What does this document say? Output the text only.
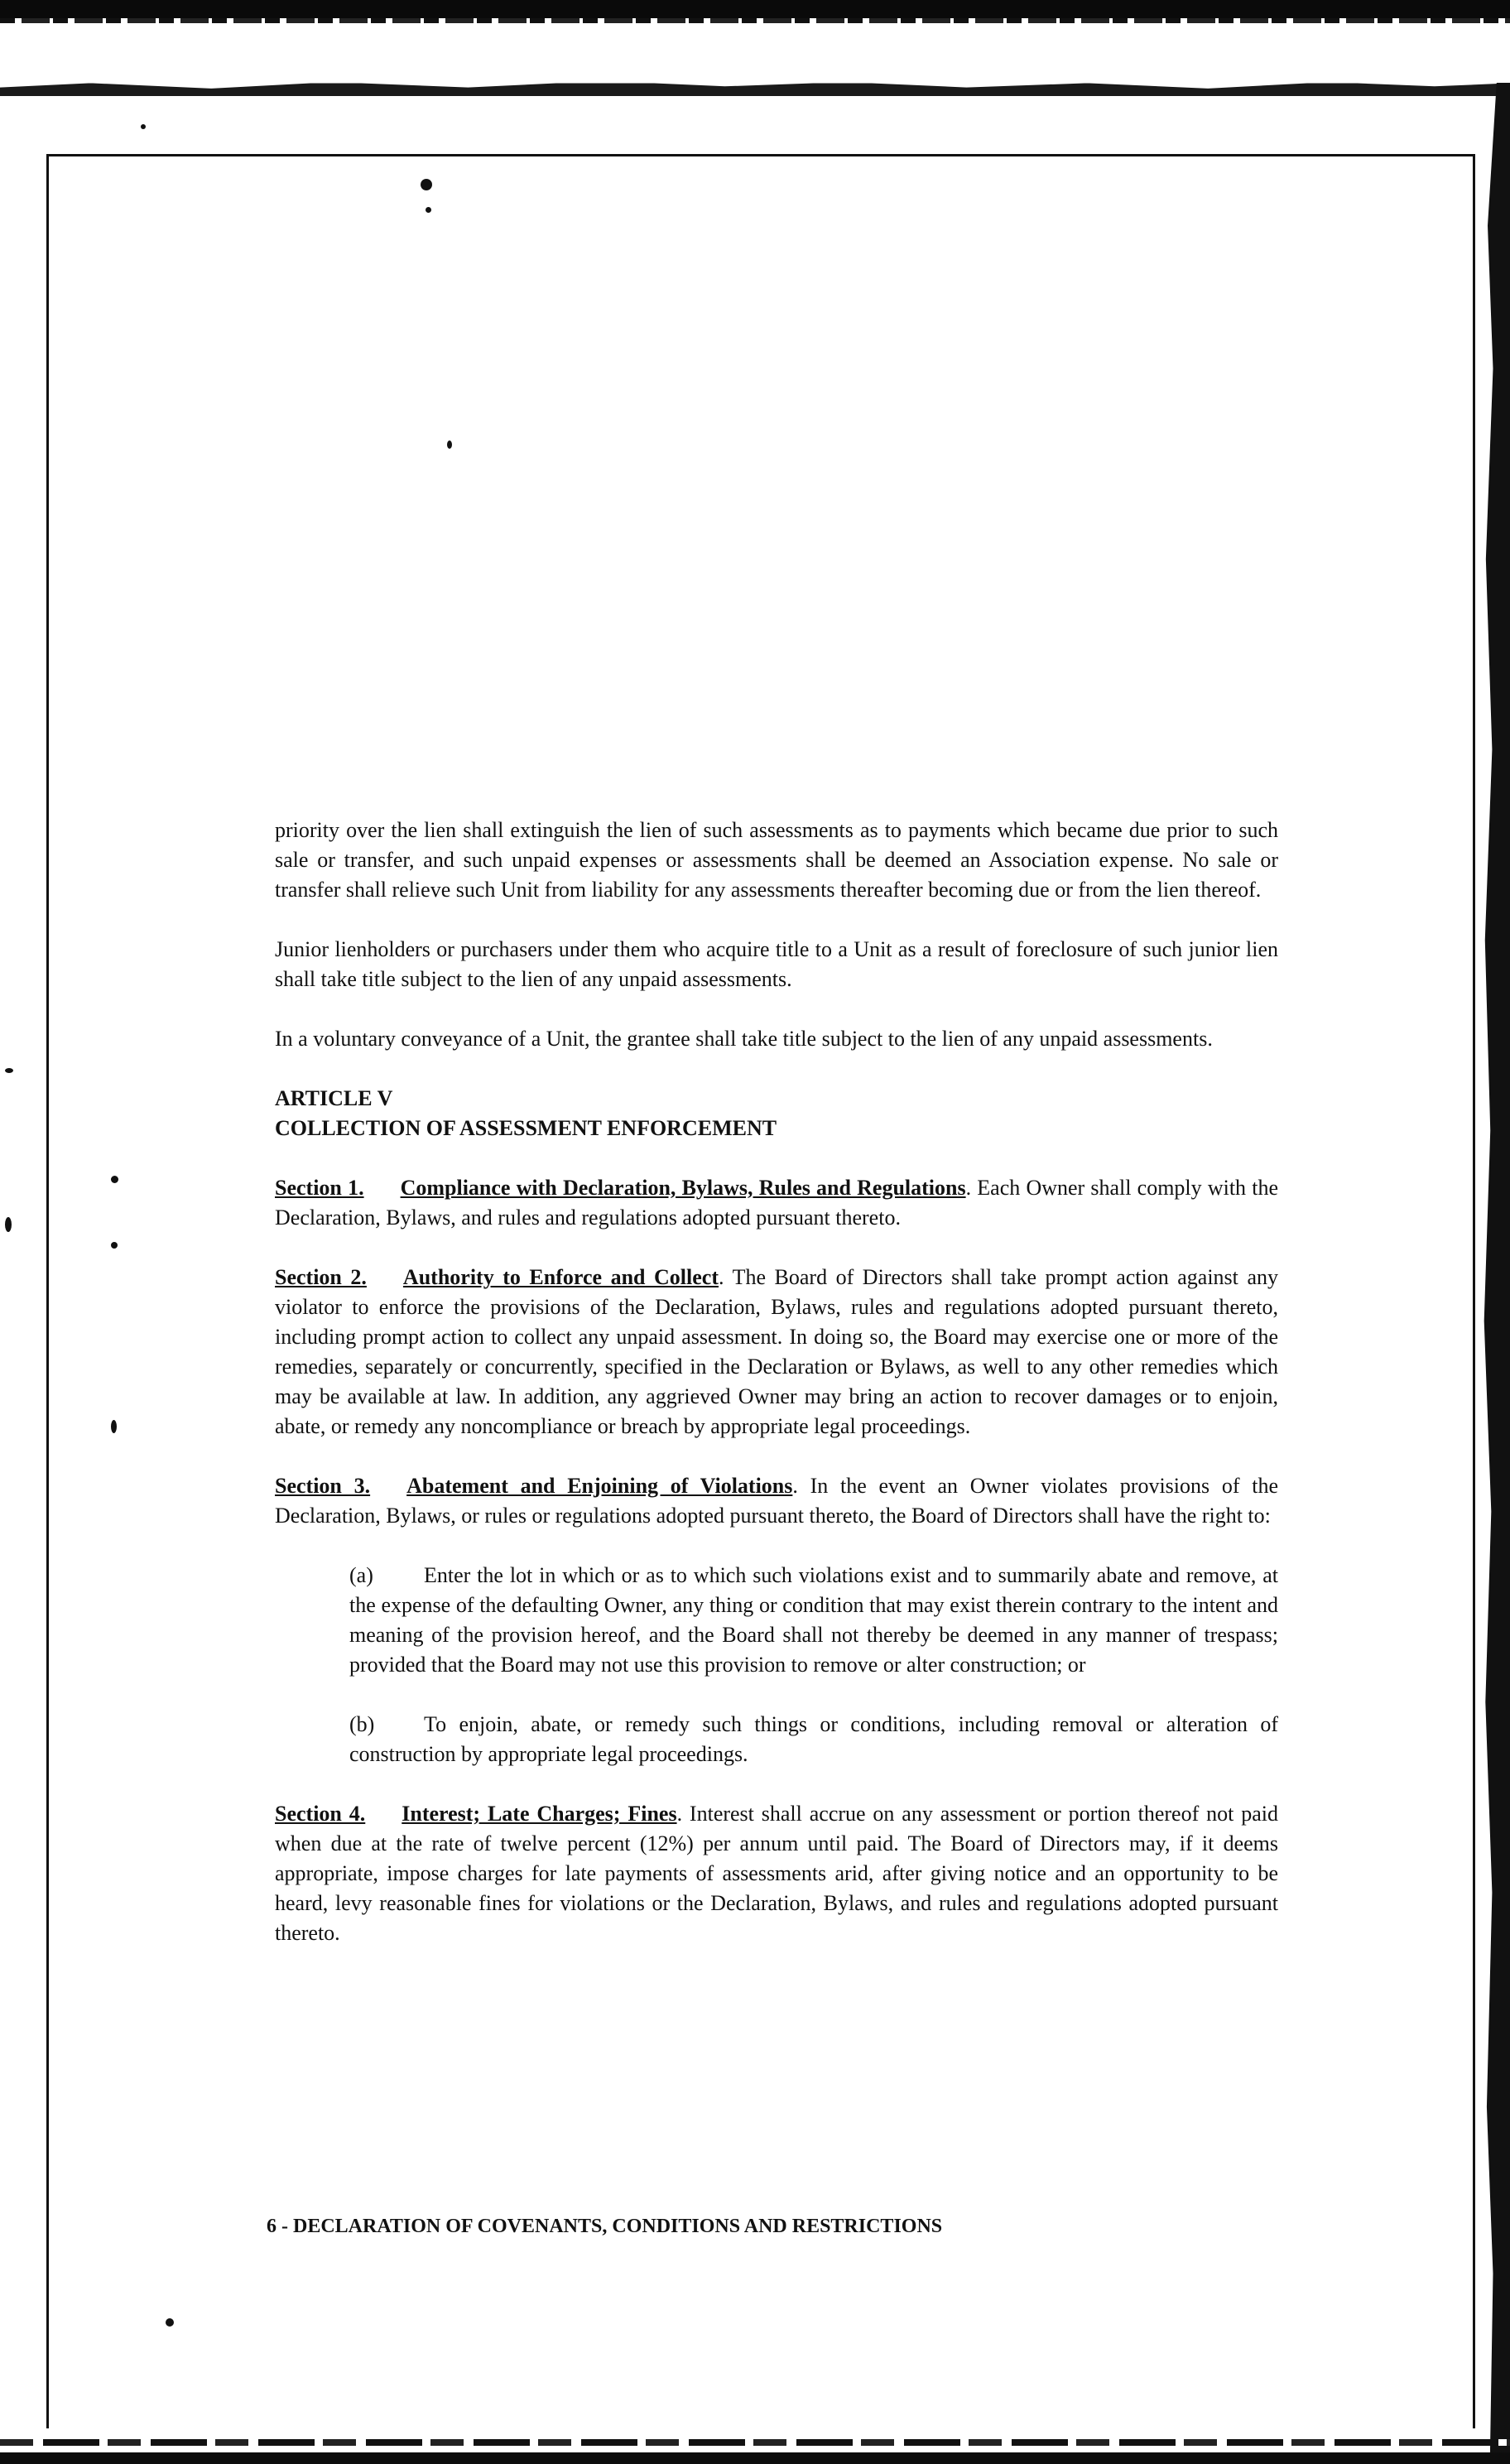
priority over the lien shall extinguish the lien of such assessments as to payments which became due prior to such sale or transfer, and such unpaid expenses or assessments shall be deemed an Association expense. No sale or transfer shall relieve such Unit from liability for any assessments thereafter becoming due or from the lien thereof.

Junior lienholders or purchasers under them who acquire title to a Unit as a result of foreclosure of such junior lien shall take title subject to the lien of any unpaid assessments.

In a voluntary conveyance of a Unit, the grantee shall take title subject to the lien of any unpaid assessments.

ARTICLE V

COLLECTION OF ASSESSMENT ENFORCEMENT

Section 1. Compliance with Declaration, Bylaws, Rules and Regulations. Each Owner shall comply with the Declaration, Bylaws, and rules and regulations adopted pursuant thereto.

Section 2. Authority to Enforce and Collect. The Board of Directors shall take prompt action against any violator to enforce the provisions of the Declaration, Bylaws, rules and regulations adopted pursuant thereto, including prompt action to collect any unpaid assessment. In doing so, the Board may exercise one or more of the remedies, separately or concurrently, specified in the Declaration or Bylaws, as well to any other remedies which may be available at law. In addition, any aggrieved Owner may bring an action to recover damages or to enjoin, abate, or remedy any noncompliance or breach by appropriate legal proceedings.

Section 3. Abatement and Enjoining of Violations. In the event an Owner violates provisions of the Declaration, Bylaws, or rules or regulations adopted pursuant thereto, the Board of Directors shall have the right to:

(a) Enter the lot in which or as to which such violations exist and to summarily abate and remove, at the expense of the defaulting Owner, any thing or condition that may exist therein contrary to the intent and meaning of the provision hereof, and the Board shall not thereby be deemed in any manner of trespass; provided that the Board may not use this provision to remove or alter construction; or

(b) To enjoin, abate, or remedy such things or conditions, including removal or alteration of construction by appropriate legal proceedings.

Section 4. Interest; Late Charges; Fines. Interest shall accrue on any assessment or portion thereof not paid when due at the rate of twelve percent (12%) per annum until paid. The Board of Directors may, if it deems appropriate, impose charges for late payments of assessments arid, after giving notice and an opportunity to be heard, levy reasonable fines for violations or the Declaration, Bylaws, and rules and regulations adopted pursuant thereto.

6 - DECLARATION OF COVENANTS, CONDITIONS AND RESTRICTIONS
